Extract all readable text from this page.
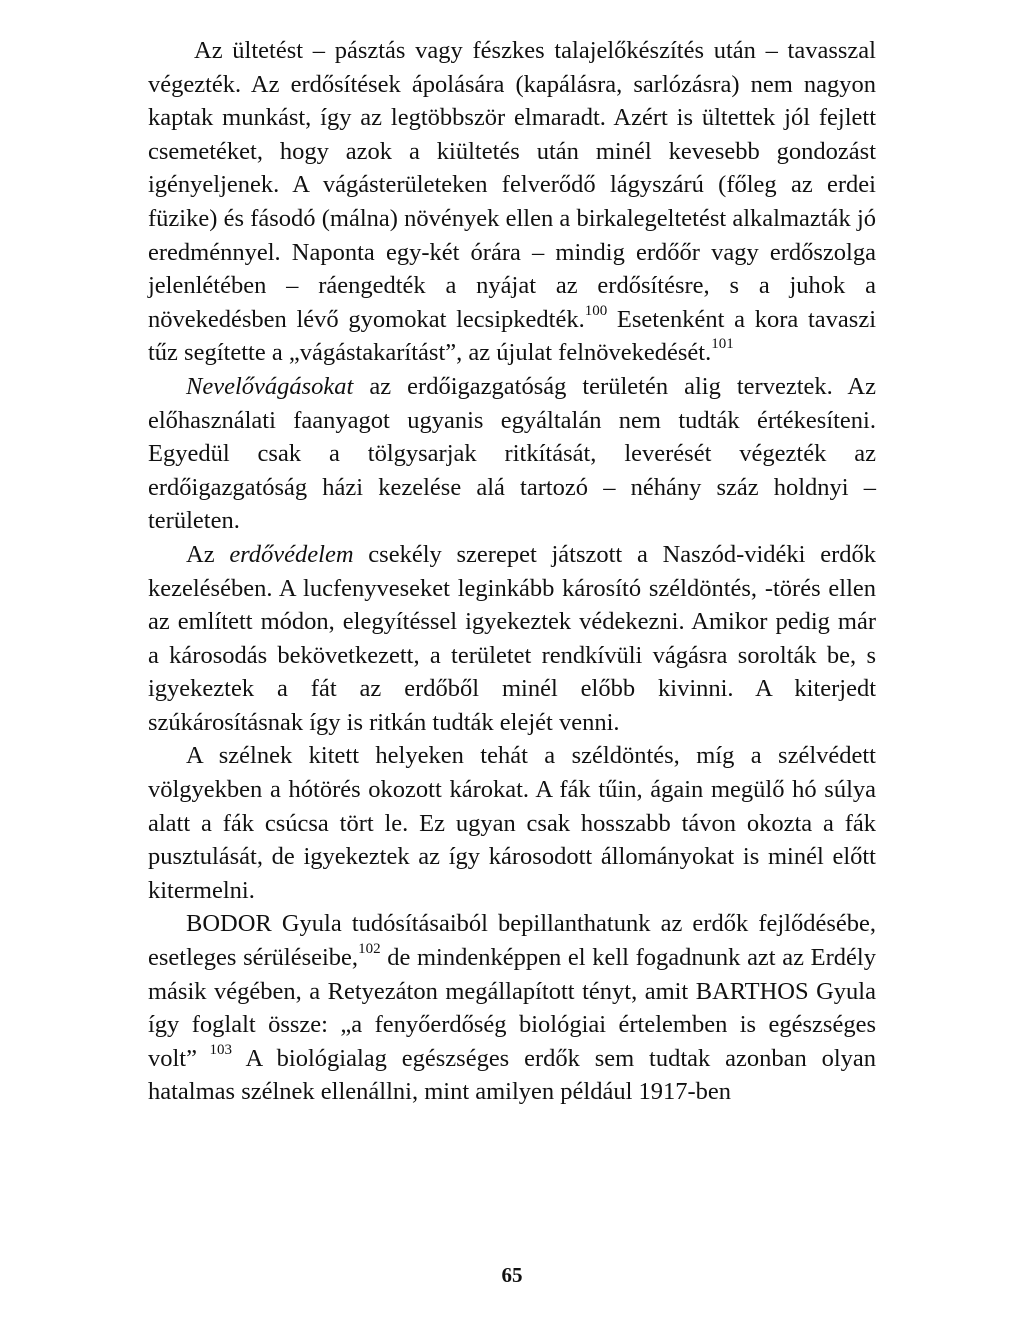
Az ültetést – pásztás vagy fészkes talajelőkészítés után – tavasszal végezték. Az erdősítések ápolására (kapálásra, sarlózásra) nem nagyon kaptak munkást, így az legtöbbször elmaradt. Azért is ültettek jól fejlett csemetéket, hogy azok a kiültetés után minél kevesebb gondozást igényeljenek. A vágásterületeken felverődő lágyszárú (főleg az erdei füzike) és fásodó (málna) növények ellen a birkalegeltetést alkalmazták jó eredménnyel. Naponta egy-két órára – mindig erdőőr vagy erdőszolga jelenlétében – ráengedték a nyájat az erdősítésre, s a juhok a növekedésben lévő gyomokat lecsipkedték.$^{100}$ Esetenként a kora tavaszi tűz segítette a „vágástakarítást”, az újulat felnövekedését.$^{101}$

Nevelővágásokat az erdőigazgatóság területén alig terveztek. Az előhasználati faanyagot ugyanis egyáltalán nem tudták értékesíteni. Egyedül csak a tölgysarjak ritkítását, leverését végezték az erdőigazgatóság házi kezelése alá tartozó – néhány száz holdnyi – területen.

Az erdővédelem csekély szerepet játszott a Naszód-vidéki erdők kezelésében. A lucfenyveseket leginkább károsító széldöntés, -törés ellen az említett módon, elegyítéssel igyekeztek védekezni. Amikor pedig már a károsodás bekövetkezett, a területet rendkívüli vágásra sorolták be, s igyekeztek a fát az erdőből minél előbb kivinni. A kiterjedt szúkárosításnak így is ritkán tudták elejét venni.

A szélnek kitett helyeken tehát a széldöntés, míg a szélvédett völgyekben a hótörés okozott károkat. A fák tűin, ágain megülő hó súlya alatt a fák csúcsa tört le. Ez ugyan csak hosszabb távon okozta a fák pusztulását, de igyekeztek az így károsodott állományokat is minél előtt kitermelni.

BODOR Gyula tudósításaiból bepillanthatunk az erdők fejlődésébe, esetleges sérüléseibe,$^{102}$ de mindenképpen el kell fogadnunk azt az Erdély másik végében, a Retyezáton megállapított tényt, amit BARTHOS Gyula így foglalt össze: „a fenyőerdőség biológiai értelemben is egészséges volt” $^{103}$ A biológialag egészséges erdők sem tudtak azonban olyan hatalmas szélnek ellenállni, mint amilyen például 1917-ben

65
